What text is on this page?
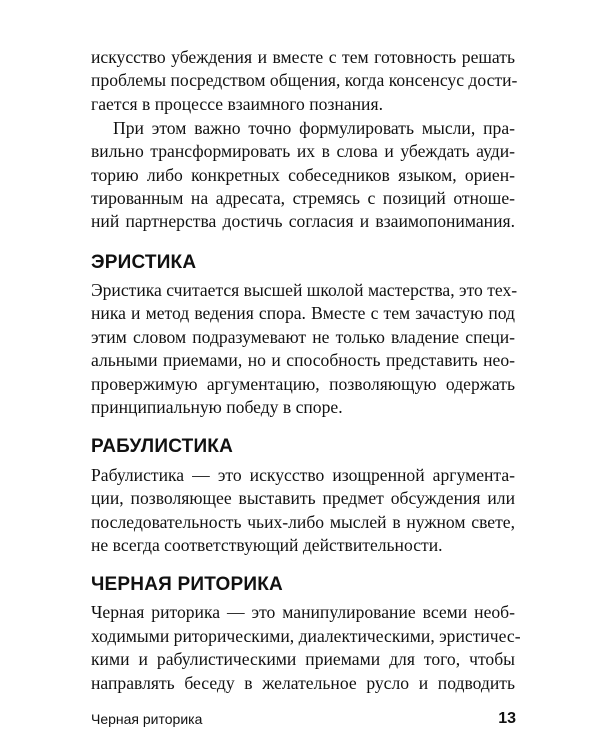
искусство убеждения и вместе с тем готовность решать
проблемы посредством общения, когда консенсус дости-
гается в процессе взаимного познания.
При этом важно точно формулировать мысли, пра-
вильно трансформировать их в слова и убеждать ауди-
торию либо конкретных собеседников языком, ориен-
тированным на адресата, стремясь с позиций отноше-
ний партнерства достичь согласия и взаимопонимания.
ЭРИСТИКА
Эристика считается высшей школой мастерства, это тех-
ника и метод ведения спора. Вместе с тем зачастую под
этим словом подразумевают не только владение специ-
альными приемами, но и способность представить нео-
провержимую аргументацию, позволяющую одержать
принципиальную победу в споре.
РАБУЛИСТИКА
Рабулистика — это искусство изощренной аргумента-
ции, позволяющее выставить предмет обсуждения или
последовательность чьих-либо мыслей в нужном свете,
не всегда соответствующий действительности.
ЧЕРНАЯ РИТОРИКА
Черная риторика — это манипулирование всеми необ-
ходимыми риторическими, диалектическими, эристичес-
кими и рабулистическими приемами для того, чтобы
направлять беседу в желательное русло и подводить
Черная риторика	13
